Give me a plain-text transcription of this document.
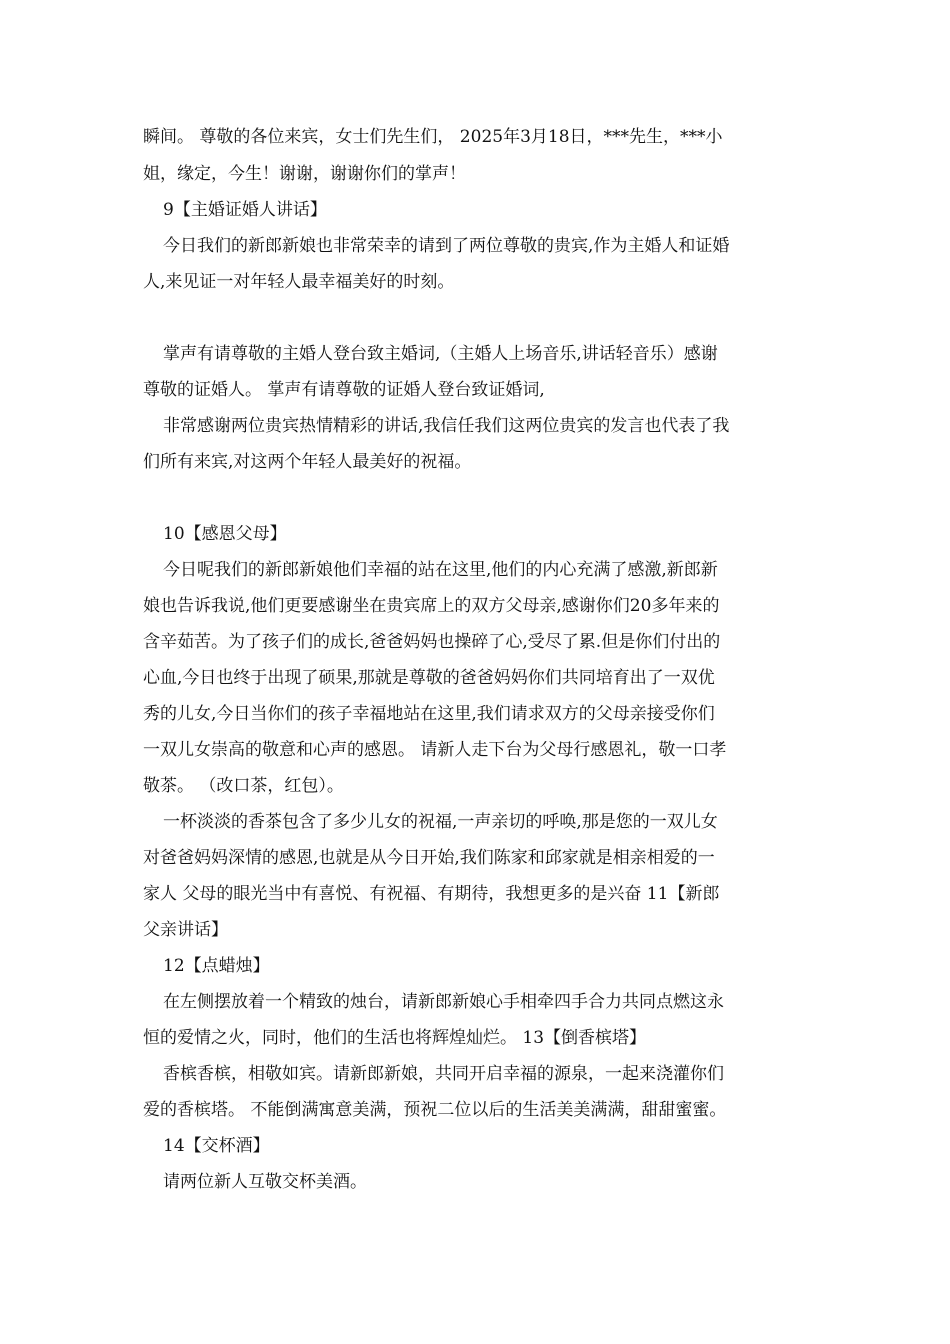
瞬间。 尊敬的各位来宾，女士们先生们， 2025年3月18日，***先生，***小
姐，缘定，今生！谢谢，谢谢你们的掌声！
9【主婚证婚人讲话】
今日我们的新郎新娘也非常荣幸的请到了两位尊敬的贵宾,作为主婚人和证婚
人,来见证一对年轻人最幸福美好的时刻。
掌声有请尊敬的主婚人登台致主婚词,（主婚人上场音乐,讲话轻音乐）感谢
尊敬的证婚人。 掌声有请尊敬的证婚人登台致证婚词,
非常感谢两位贵宾热情精彩的讲话,我信任我们这两位贵宾的发言也代表了我
们所有来宾,对这两个年轻人最美好的祝福。
10【感恩父母】
今日呢我们的新郎新娘他们幸福的站在这里,他们的内心充满了感激,新郎新
娘也告诉我说,他们更要感谢坐在贵宾席上的双方父母亲,感谢你们20多年来的
含辛茹苦。为了孩子们的成长,爸爸妈妈也操碎了心,受尽了累.但是你们付出的
心血,今日也终于出现了硕果,那就是尊敬的爸爸妈妈你们共同培育出了一双优
秀的儿女,今日当你们的孩子幸福地站在这里,我们请求双方的父母亲接受你们
一双儿女崇高的敬意和心声的感恩。 请新人走下台为父母行感恩礼，敬一口孝
敬茶。 （改口茶，红包）。
一杯淡淡的香茶包含了多少儿女的祝福,一声亲切的呼唤,那是您的一双儿女
对爸爸妈妈深情的感恩,也就是从今日开始,我们陈家和邱家就是相亲相爱的一
家人 父母的眼光当中有喜悦、有祝福、有期待，我想更多的是兴奋 11【新郎
父亲讲话】
12【点蜡烛】
在左侧摆放着一个精致的烛台，请新郎新娘心手相牵四手合力共同点燃这永
恒的爱情之火，同时，他们的生活也将辉煌灿烂。 13【倒香槟塔】
香槟香槟，相敬如宾。请新郎新娘，共同开启幸福的源泉，一起来浇灌你们
爱的香槟塔。 不能倒满寓意美满，预祝二位以后的生活美美满满，甜甜蜜蜜。
14【交杯酒】
请两位新人互敬交杯美酒。
